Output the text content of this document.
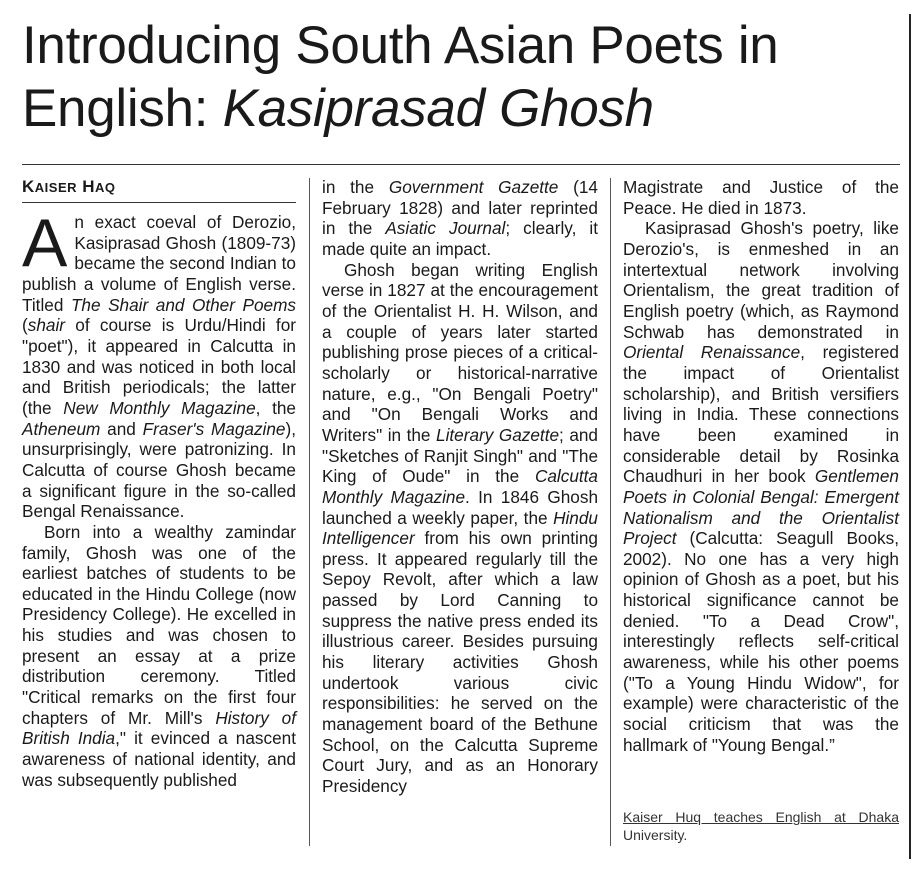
Introducing South Asian Poets in
English: Kasiprasad Ghosh
KAISER HAQ

An exact coeval of Derozio, Kasiprasad Ghosh (1809-73) became the second Indian to publish a volume of English verse. Titled The Shair and Other Poems (shair of course is Urdu/Hindi for "poet"), it appeared in Calcutta in 1830 and was noticed in both local and British periodicals; the latter (the New Monthly Magazine, the Atheneum and Fraser's Magazine), unsurprisingly, were patronizing. In Calcutta of course Ghosh became a significant figure in the so-called Bengal Renaissance.

Born into a wealthy zamindar family, Ghosh was one of the earliest batches of students to be educated in the Hindu College (now Presidency College). He excelled in his studies and was chosen to present an essay at a prize distribution ceremony. Titled "Critical remarks on the first four chapters of Mr. Mill's History of British India," it evinced a nascent awareness of national identity, and was subsequently published

in the Government Gazette (14 February 1828) and later reprinted in the Asiatic Journal; clearly, it made quite an impact.

Ghosh began writing English verse in 1827 at the encouragement of the Orientalist H. H. Wilson, and a couple of years later started publishing prose pieces of a critical-scholarly or historical-narrative nature, e.g., "On Bengali Poetry" and "On Bengali Works and Writers" in the Literary Gazette; and "Sketches of Ranjit Singh" and "The King of Oude" in the Calcutta Monthly Magazine. In 1846 Ghosh launched a weekly paper, the Hindu Intelligencer from his own printing press. It appeared regularly till the Sepoy Revolt, after which a law passed by Lord Canning to suppress the native press ended its illustrious career. Besides pursuing his literary activities Ghosh undertook various civic responsibilities: he served on the management board of the Bethune School, on the Calcutta Supreme Court Jury, and as an Honorary Presidency

Magistrate and Justice of the Peace. He died in 1873.

Kasiprasad Ghosh's poetry, like Derozio's, is enmeshed in an intertextual network involving Orientalism, the great tradition of English poetry (which, as Raymond Schwab has demonstrated in Oriental Renaissance, registered the impact of Orientalist scholarship), and British versifiers living in India. These connections have been examined in considerable detail by Rosinka Chaudhuri in her book Gentlemen Poets in Colonial Bengal: Emergent Nationalism and the Orientalist Project (Calcutta: Seagull Books, 2002). No one has a very high opinion of Ghosh as a poet, but his historical significance cannot be denied. "To a Dead Crow", interestingly reflects self-critical awareness, while his other poems ("To a Young Hindu Widow", for example) were characteristic of the social criticism that was the hallmark of "Young Bengal.”

Kaiser Huq teaches English at Dhaka University.
